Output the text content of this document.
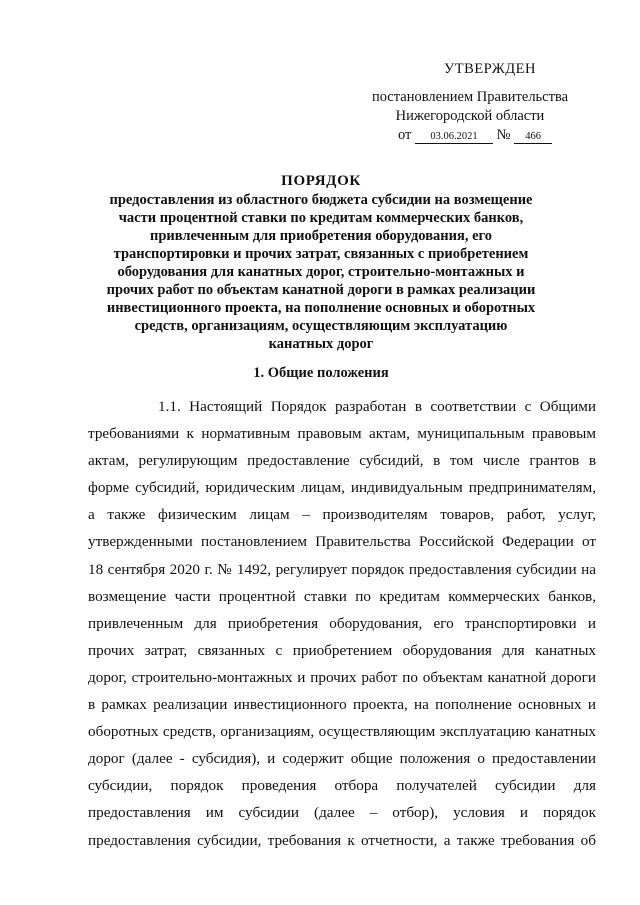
УТВЕРЖДЕН
постановлением Правительства
Нижегородской области
от 03.06.2021 № 466
ПОРЯДОК
предоставления из областного бюджета субсидии на возмещение
части процентной ставки по кредитам коммерческих банков,
привлеченным для приобретения оборудования, его
транспортировки и прочих затрат, связанных с приобретением
оборудования для канатных дорог, строительно-монтажных и
прочих работ по объектам канатной дороги в рамках реализации
инвестиционного проекта, на пополнение основных и оборотных
средств, организациям, осуществляющим эксплуатацию
канатных дорог
1. Общие положения
1.1. Настоящий Порядок разработан в соответствии с Общими
требованиями к нормативным правовым актам, муниципальным правовым
актам, регулирующим предоставление субсидий, в том числе грантов в
форме субсидий, юридическим лицам, индивидуальным предпринимателям,
а также физическим лицам – производителям товаров, работ, услуг,
утвержденными постановлением Правительства Российской Федерации от
18 сентября 2020 г. № 1492, регулирует порядок предоставления субсидии на
возмещение части процентной ставки по кредитам коммерческих банков,
привлеченным для приобретения оборудования, его транспортировки и
прочих затрат, связанных с приобретением оборудования для канатных
дорог, строительно-монтажных и прочих работ по объектам канатной дороги
в рамках реализации инвестиционного проекта, на пополнение основных и
оборотных средств, организациям, осуществляющим эксплуатацию канатных
дорог (далее - субсидия), и содержит общие положения о предоставлении
субсидии, порядок проведения отбора получателей субсидии для
предоставления им субсидии (далее – отбор), условия и порядок
предоставления субсидии, требования к отчетности, а также требования об
